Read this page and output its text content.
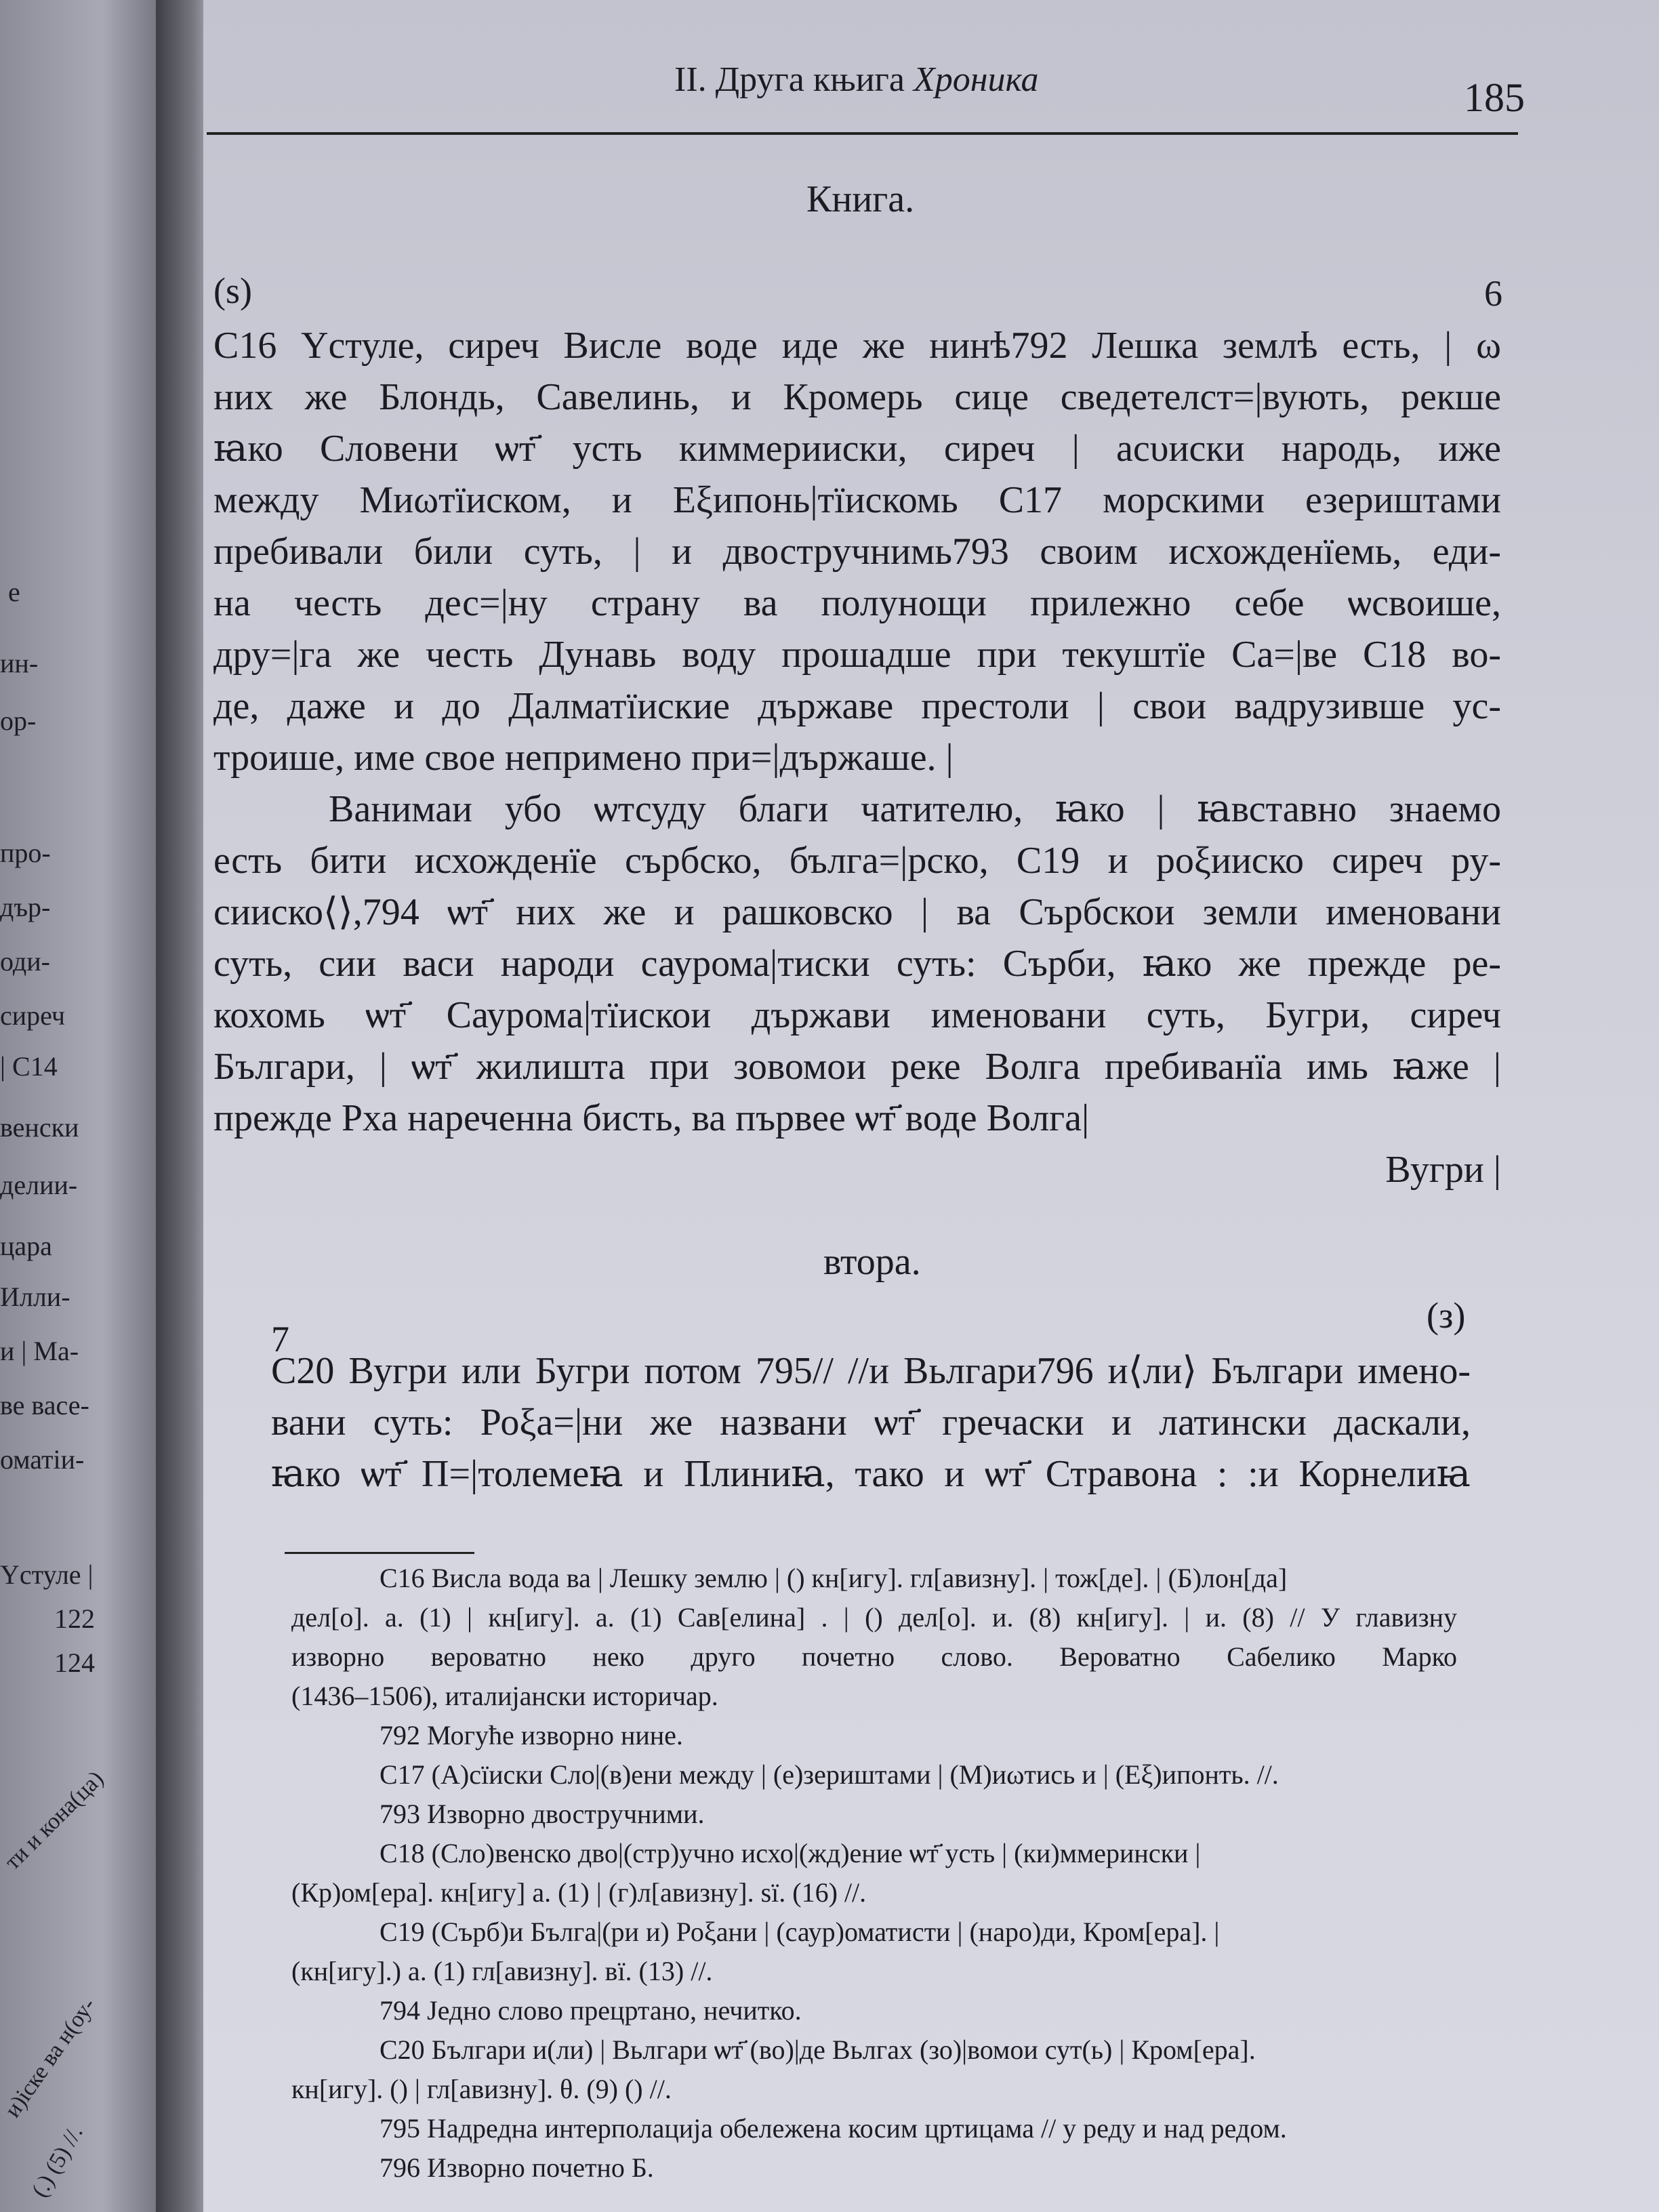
е
ин-
ор-
про-
дър-
оди-
сиреч
| С14
венски
делии-
царa
Илли-
и | Ма-
ве васе-
оматіи-
Υстуле |
122
124
ти и кона(ца)
и)іске ва н(оу-
(.) (5) //.
II. Друга књига Хроника	185
Книга.
(ѕ)	6
С16 Υстуле, сиреч Висле воде иде же нинѣ792 Лешка землѣ есть, | ω
них же Блондь, Савелинь, и Кромерь сице сведетелст=|вують, рекше
ꙗко Словени ѡт҃ усть киммерииски, сиреч | асυиски народь, иже
между Миωтїиском, и Εξипонь|тїискомь С17 морскими езериштами
пребивали били суть, | и двостручнимь793 своим исхожденїемь, еди-
на честь дес=|ну страну ва полунощи прилежно себе ѡсвоише,
дру=|га же честь Дунавь воду прошадше при текуштїе Са=|ве С18 во-
де, даже и до Далматїиские държаве престоли | свои вадрузивше ус-
троише, име свое непримено при=|държаше. |
Ванимаи убо ѡтсуду благи чатителю, ꙗко | ꙗвставно знаемо
есть бити исхожденїе сърбско, бълга=|рско, С19 и роξииско сиреч ру-
сииско⟨⟩,794 ѡт҃ них же и рашковско | ва Сърбскои земли именовани
суть, сии васи народи саурома|тиски суть: Сърби, ꙗко же прежде ре-
кохомь ѡт҃ Саурома|тїискои държави именовани суть, Бугри, сиреч
Българи, | ѡт҃ жилишта при зовомои реке Волга пребиванїа имь ꙗже |
прежде Рха нареченна бисть, ва първее ѡт҃ воде Волга|
Вугри |
втора.
7
(з)
С20 Вугри или Бугри потом 795// //и Вьлгари796 и⟨ли⟩ Българи имено-
вани суть: Роξа=|ни же названи ѡт҃ гречаски и латински даскали,
ꙗко ѡт҃ П=|толемеꙗ и Плиниꙗ, тако и ѡт҃ Стравона : :и Корнелиꙗ
С16 Висла вода ва | Лешку землю | () кн[игу]. гл[авизну]. | тож[де]. | (Б)лон[да]
дел[о]. а. (1) | кн[игу]. а. (1) Сав[елина] . | () дел[о]. и. (8) кн[игу]. | и. (8) // У главизну
изворно вероватно неко друго почетно слово. Вероватно Сабелико Марко
(1436–1506), италијански историчар.
792 Могуће изворно нине.
С17 (А)сїиски Сло|(в)ени между | (е)зериштами | (М)иωтись и | (Εξ)ипонть. //.
793 Изворно двостручними.
С18 (Сло)венско дво|(стр)учно исхо|(жд)ение ѡт҃ усть | (ки)ммерински |
(Кр)ом[ера]. кн[игу] а. (1) | (г)л[авизну]. ѕї. (16) //.
С19 (Сърб)и Бълга|(ри и) Роξани | (саур)оматисти | (наро)ди, Кром[ера]. |
(кн[игу].) а. (1) гл[авизну]. вї. (13) //.
794 Једно слово прецртано, нечитко.
С20 Българи и(ли) | Вьлгари ѡт҃ (во)|де Вьлгах (зо)|вомои сут(ь) | Кром[ера].
кн[игу]. () | гл[авизну]. θ. (9) () //.
795 Надредна интерполација обележена косим цртицама // у реду и над редом.
796 Изворно почетно Б.
